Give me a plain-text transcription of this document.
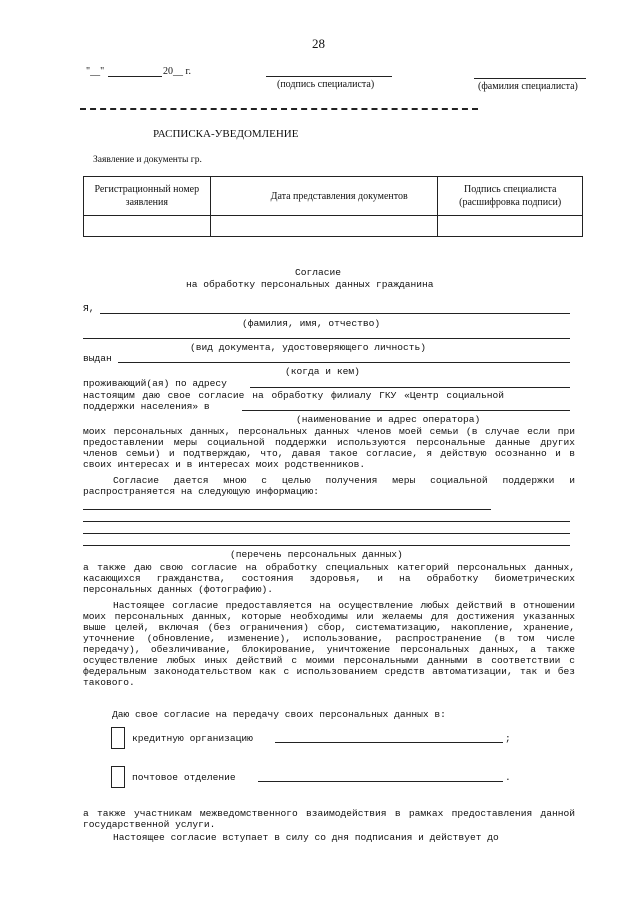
28
"__"	20__ г.
(подпись специалиста)	(фамилия специалиста)
РАСПИСКА-УВЕДОМЛЕНИЕ
Заявление и документы гр.
Регистрационный номер заявления	Дата представления документов	Подпись специалиста (расшифровка подписи)

Согласие
на обработку персональных данных гражданина
Я,
(фамилия, имя, отчество)
(вид документа, удостоверяющего личность)
выдан
(когда и кем)
проживающий(ая) по адресу
настоящим даю свое согласие на обработку филиалу ГКУ «Центр социальной
поддержки населения» в
(наименование и адрес оператора)
моих персональных данных, персональных данных членов моей семьи (в случае если при предоставлении меры социальной поддержки используются персональные данные других членов семьи) и подтверждаю, что, давая такое согласие, я действую осознанно и в своих интересах и в интересах моих родственников.
Согласие дается мною с целью получения меры социальной поддержки и распространяется на следующую информацию:
(перечень персональных данных)
а также даю свою согласие на обработку специальных категорий персональных данных, касающихся гражданства, состояния здоровья, и на обработку биометрических персональных данных (фотографию).
Настоящее согласие предоставляется на осуществление любых действий в отношении моих персональных данных, которые необходимы или желаемы для достижения указанных выше целей, включая (без ограничения) сбор, систематизацию, накопление, хранение, уточнение (обновление, изменение), использование, распространение (в том числе передачу), обезличивание, блокирование, уничтожение персональных данных, а также осуществление любых иных действий с моими персональными данными в соответствии с федеральным законодательством как с использованием средств автоматизации, так и без такового.
Даю свое согласие на передачу своих персональных данных в:
кредитную организацию	;
почтовое отделение	.
а также участникам межведомственного взаимодействия в рамках предоставления данной государственной услуги.
Настоящее согласие вступает в силу со дня подписания и действует до
